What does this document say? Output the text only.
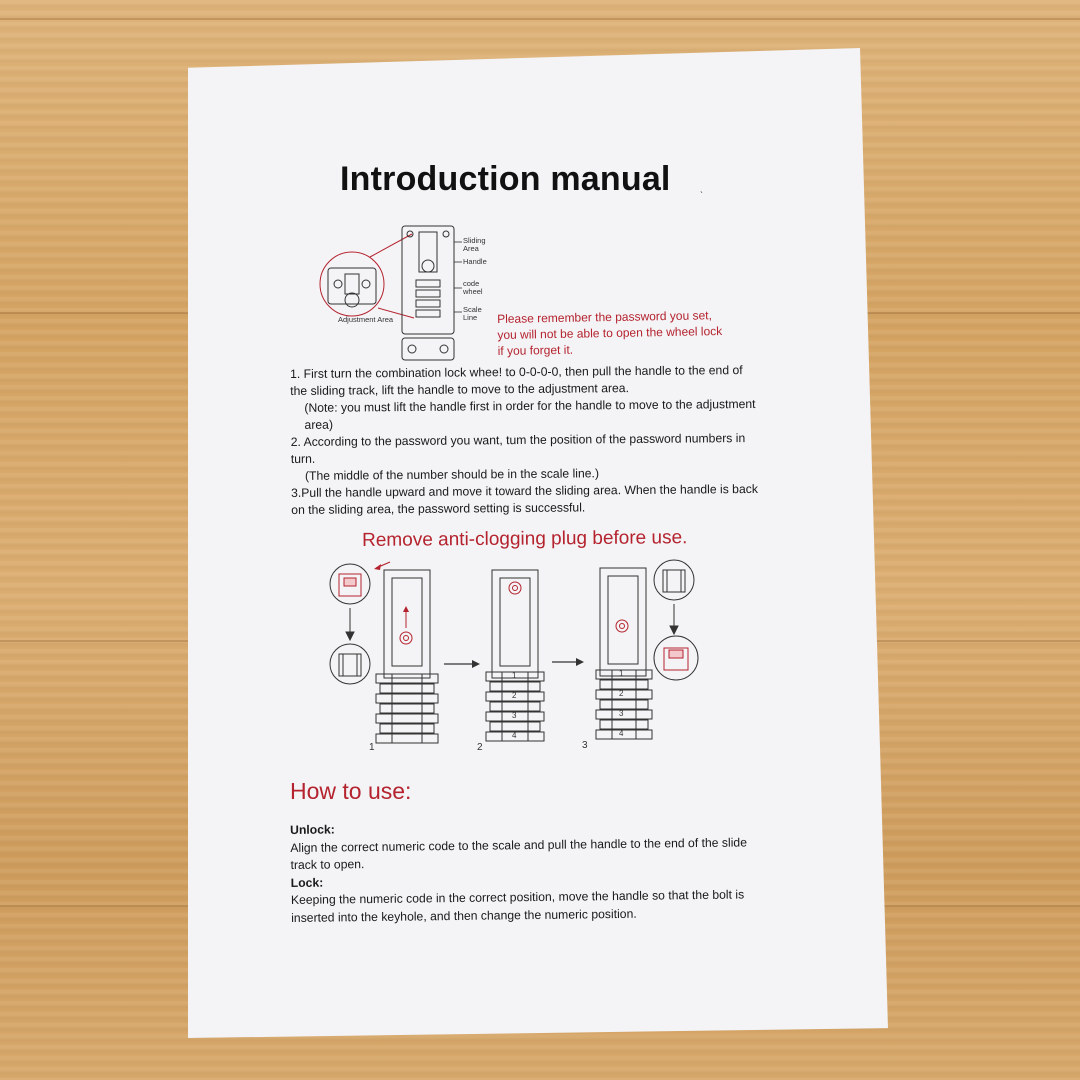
Introduction manual	ˎ
Sliding
Area
Handle
code
wheel
Scale
Line
Adjustment Area	Please remember the password you set,
you will not be able to open the wheel lock
if you forget it.

1. First turn the combination lock whee! to 0-0-0-0, then pull the handle to the end of the sliding track, lift the handle to move to the adjustment area.

(Note: you must lift the handle first in order for the handle to move to the adjustment area)

2. According to the password you want, tum the position of the password numbers in turn.

(The middle of the number should be in the scale line.)

3.Pull the handle upward and move it toward the sliding area. When the handle is back on the sliding area, the password setting is successful.

Remove anti-clogging plug before use.
1	2	3
1
2
3
4
1
2
3
4
How to use:

Unlock:

Align the correct numeric code to the scale and pull the handle to the end of the slide track to open.

Lock:

Keeping the numeric code in the correct position, move the handle so that the bolt is inserted into the keyhole, and then change the numeric position.
